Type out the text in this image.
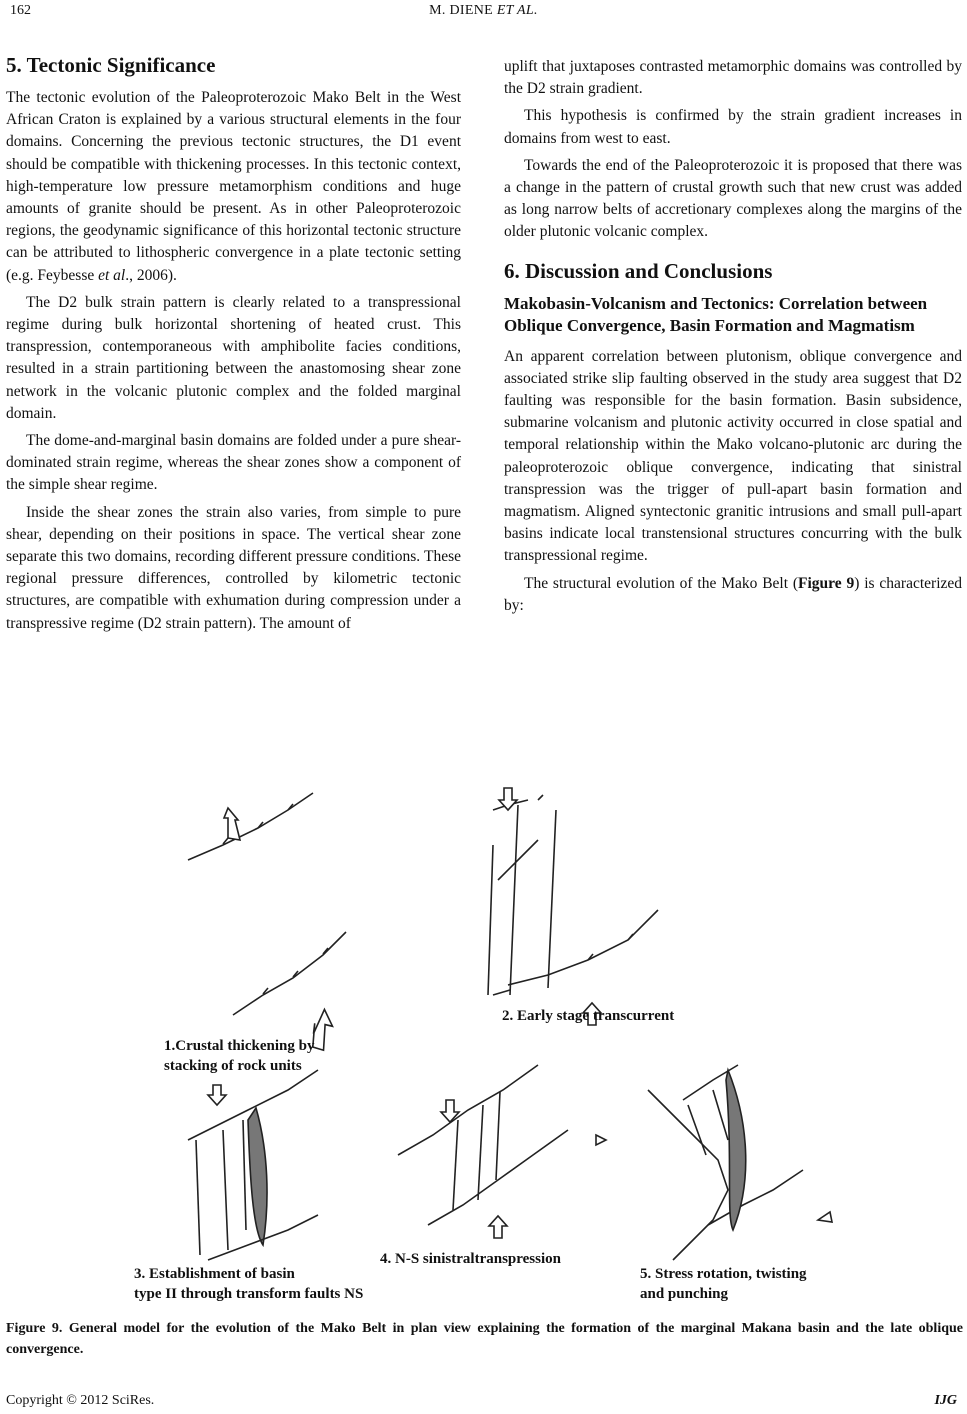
162	M. DIENE ET AL.
5. Tectonic Significance

The tectonic evolution of the Paleoproterozoic Mako Belt in the West African Craton is explained by a various structural elements in the four domains. Concerning the previous tectonic structures, the D1 event should be compatible with thickening processes. In this tectonic context, high-temperature low pressure metamorphism conditions and huge amounts of granite should be present. As in other Paleoproterozoic regions, the geodynamic significance of this horizontal tectonic structure can be attributed to lithospheric convergence in a plate tectonic setting (e.g. Feybesse et al., 2006).

The D2 bulk strain pattern is clearly related to a transpressional regime during bulk horizontal shortening of heated crust. This transpression, contemporaneous with amphibolite facies conditions, resulted in a strain partitioning between the anastomosing shear zone network in the volcanic plutonic complex and the folded marginal domain.

The dome-and-marginal basin domains are folded under a pure shear-dominated strain regime, whereas the shear zones show a component of the simple shear regime.

Inside the shear zones the strain also varies, from simple to pure shear, depending on their positions in space. The vertical shear zone separate this two domains, recording different pressure conditions. These regional pressure differences, controlled by kilometric tectonic structures, are compatible with exhumation during compression under a transpressive regime (D2 strain pattern). The amount of

uplift that juxtaposes contrasted metamorphic domains was controlled by the D2 strain gradient.

This hypothesis is confirmed by the strain gradient increases in domains from west to east.

Towards the end of the Paleoproterozoic it is proposed that there was a change in the pattern of crustal growth such that new crust was added as long narrow belts of accretionary complexes along the margins of the older plutonic volcanic complex.

6. Discussion and Conclusions
Makobasin-Volcanism and Tectonics: Correlation between Oblique Convergence, Basin Formation and Magmatism

An apparent correlation between plutonism, oblique convergence and associated strike slip faulting observed in the study area suggest that D2 faulting was responsible for the basin formation. Basin subsidence, submarine volcanism and plutonic activity occurred in close spatial and temporal relationship within the Mako volcano-plutonic arc during the paleoproterozoic oblique convergence, indicating that sinistral transpression was the trigger of pull-apart basin formation and magmatism. Aligned syntectonic granitic intrusions and small pull-apart basins indicate local transtensional structures concurring with the bulk transpressional regime.

The structural evolution of the Mako Belt (Figure 9) is characterized by:

1.Crustal thickening by
stacking of rock units
2. Early stage transcurrent
3. Establishment of basin
type II through transform faults NS
4. N-S sinistraltranspression
5. Stress rotation, twisting
and punching
Figure 9. General model for the evolution of the Mako Belt in plan view explaining the formation of the marginal Makana basin and the late oblique convergence.
Copyright © 2012 SciRes.	IJG
